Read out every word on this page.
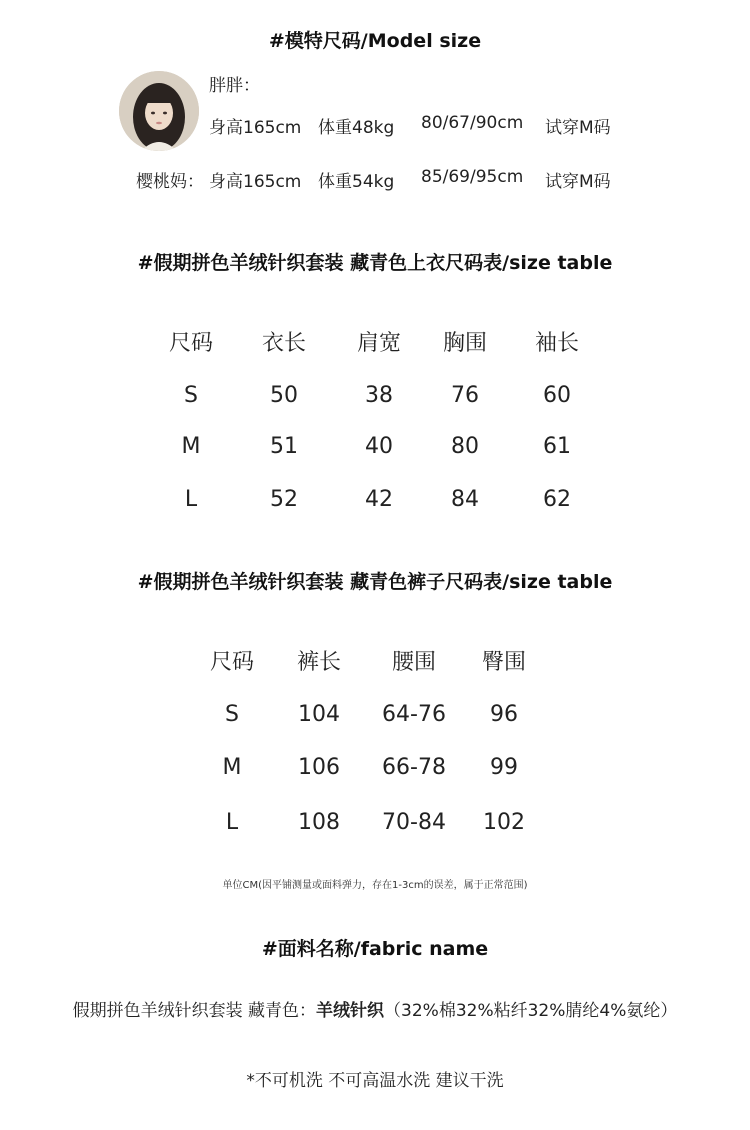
#模特尺码/Model size
胖胖：
身高165cm 体重48kg 80/67/90cm 试穿M码
樱桃妈： 身高165cm 体重54kg 85/69/95cm 试穿M码
#假期拼色羊绒针织套装 藏青色上衣尺码表/size table
尺码 衣长 肩宽 胸围 袖长
S	50	38	76	60
M	51	40	80	61
L	52	42	84	62
#假期拼色羊绒针织套装 藏青色裤子尺码表/size table
尺码 裤长 腰围 臀围
S	104 64-76 96
M	106 66-78 99
L	108 70-84 102
单位CM(因平铺测量或面料弹力，存在1-3cm的误差，属于正常范围)
#面料名称/fabric name
假期拼色羊绒针织套装 藏青色：羊绒针织（32%棉32%粘纤32%腈纶4%氨纶）
*不可机洗 不可高温水洗 建议干洗
